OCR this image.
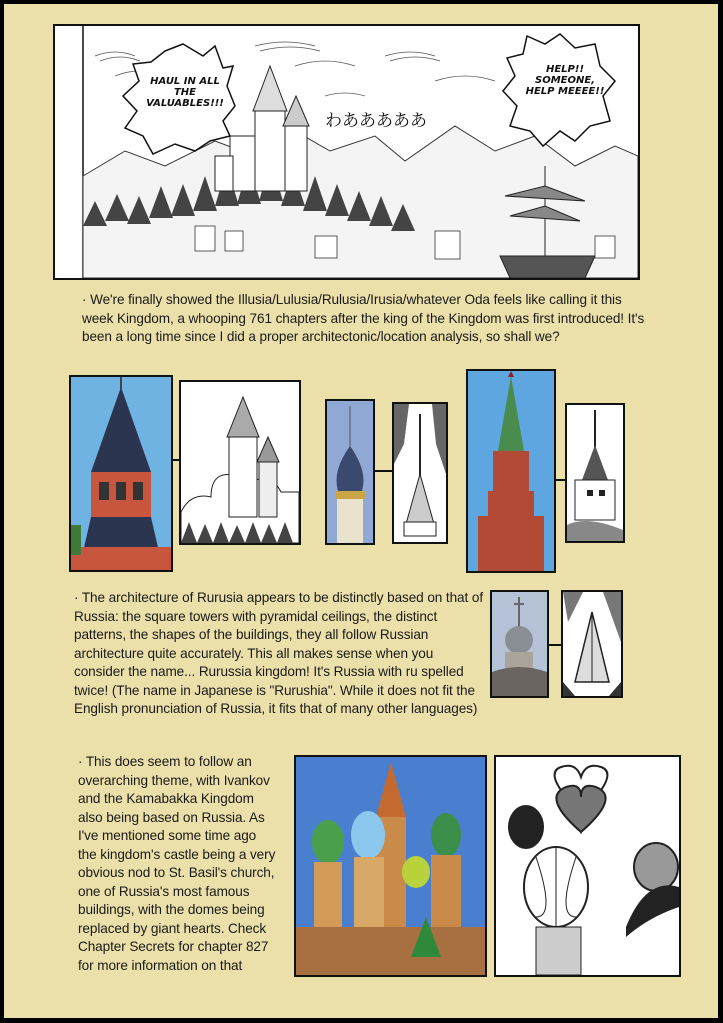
HAUL IN ALL THE VALUABLES!!!
HELP!! SOMEONE, HELP MEEEE!!
わあああああ
· We're finally showed the Illusia/Lulusia/Rulusia/Irusia/whatever Oda feels like calling it this week Kingdom, a whooping 761 chapters after the king of the Kingdom was first introduced! It's been a long time since I did a proper architectonic/location analysis, so shall we?
· The architecture of Rurusia appears to be distinctly based on that of Russia: the square towers with pyramidal ceilings, the distinct patterns, the shapes of the buildings, they all follow Russian architecture quite accurately. This all makes sense when you consider the name... Rurussia kingdom! It's Russia with ru spelled twice! (The name in Japanese is "Rurushia". While it does not fit the English pronunciation of Russia, it fits that of many other languages)
· This does seem to follow an overarching theme, with Ivankov and the Kamabakka Kingdom also being based on Russia. As I've mentioned some time ago the kingdom's castle being a very obvious nod to St. Basil's church, one of Russia's most famous buildings, with the domes being replaced by giant hearts. Check Chapter Secrets for chapter 827 for more information on that
